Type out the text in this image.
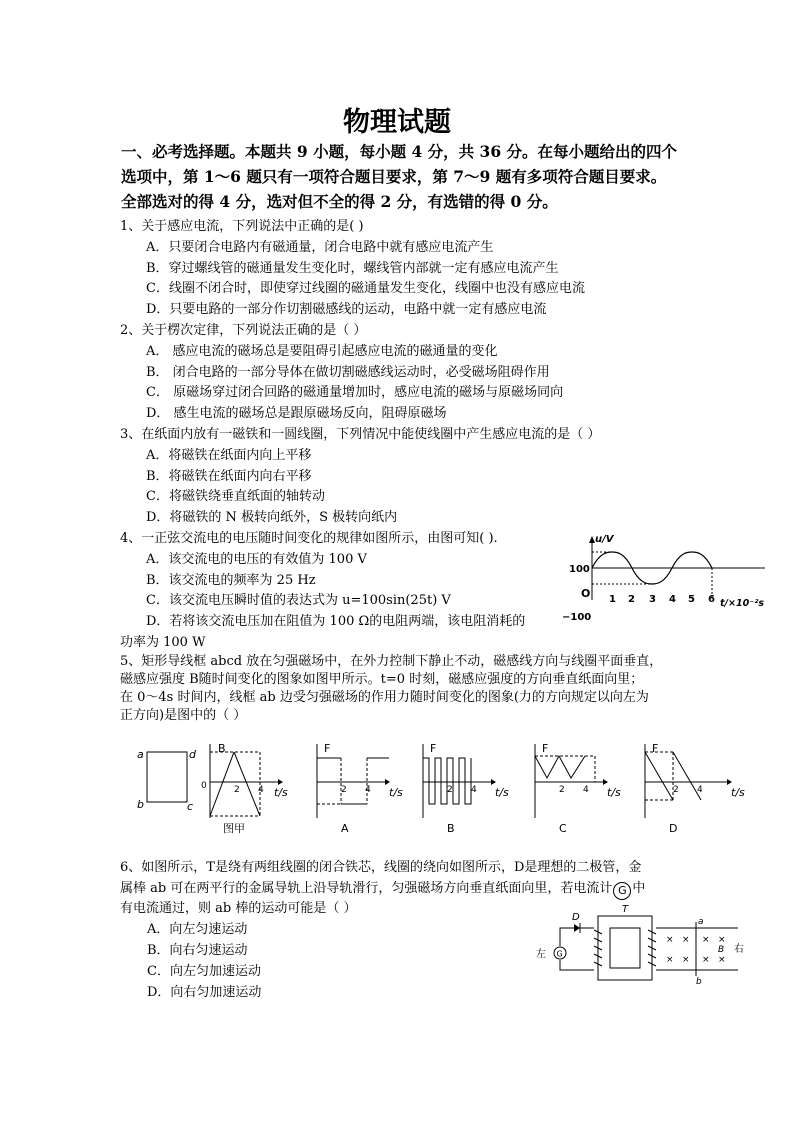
物理试题
一、必考选择题。本题共 9 小题，每小题 4 分，共 36 分。在每小题给出的四个
选项中，第 1～6 题只有一项符合题目要求，第 7～9 题有多项符合题目要求。
全部选对的得 4 分，选对但不全的得 2 分，有选错的得 0 分。
1、关于感应电流，下列说法中正确的是( )
A．只要闭合电路内有磁通量，闭合电路中就有感应电流产生
B．穿过螺线管的磁通量发生变化时，螺线管内部就一定有感应电流产生
C．线圈不闭合时，即使穿过线圈的磁通量发生变化，线圈中也没有感应电流
D．只要电路的一部分作切割磁感线的运动，电路中就一定有感应电流
2、关于楞次定律，下列说法正确的是（ ）
A． 感应电流的磁场总是要阻碍引起感应电流的磁通量的变化
B． 闭合电路的一部分导体在做切割磁感线运动时，必受磁场阻碍作用
C． 原磁场穿过闭合回路的磁通量增加时，感应电流的磁场与原磁场同向
D． 感生电流的磁场总是跟原磁场反向，阻碍原磁场
3、在纸面内放有一磁铁和一圆线圈，下列情况中能使线圈中产生感应电流的是（ ）
A．将磁铁在纸面内向上平移
B．将磁铁在纸面内向右平移
C．将磁铁绕垂直纸面的轴转动
D．将磁铁的 N 极转向纸外，S 极转向纸内
4、一正弦交流电的电压随时间变化的规律如图所示，由图可知( ).
A．该交流电的电压的有效值为 100 V
B．该交流电的频率为 25 Hz
C．该交流电压瞬时值的表达式为 u=100sin(25t) V
D．若将该交流电压加在阻值为 100 Ω的电阻两端，该电阻消耗的
功率为 100 W
u/V
100
O
−100
1 2 3 4 5 6 t/×10⁻²s
5、矩形导线框 abcd 放在匀强磁场中，在外力控制下静止不动，磁感线方向与线圈平面垂直，
磁感应强度 B随时间变化的图象如图甲所示。t=0 时刻，磁感应强度的方向垂直纸面向里；
在 0～4s 时间内，线框 ab 边受匀强磁场的作用力随时间变化的图象(力的方向规定以向左为
正方向)是图中的（ ）
a	d
b	c
B
0	2 4 t/s
图甲
F
2 4 t/s
A
F
2 4 t/s
B
F
2 4 t/s
C
F
2 4	t/s
D
6、如图所示，T是绕有两组线圈的闭合铁芯，线圈的绕向如图所示，D是理想的二极管，金
属棒 ab 可在两平行的金属导轨上沿导轨滑行，匀强磁场方向垂直纸面向里，若电流计 G 中
有电流通过，则 ab 棒的运动可能是（ ）
A．向左匀速运动
B．向右匀速运动
C．向左匀加速运动
D．向右匀加速运动
T
G
左
D	a
b
× × × ×
× × × ×
B 右
